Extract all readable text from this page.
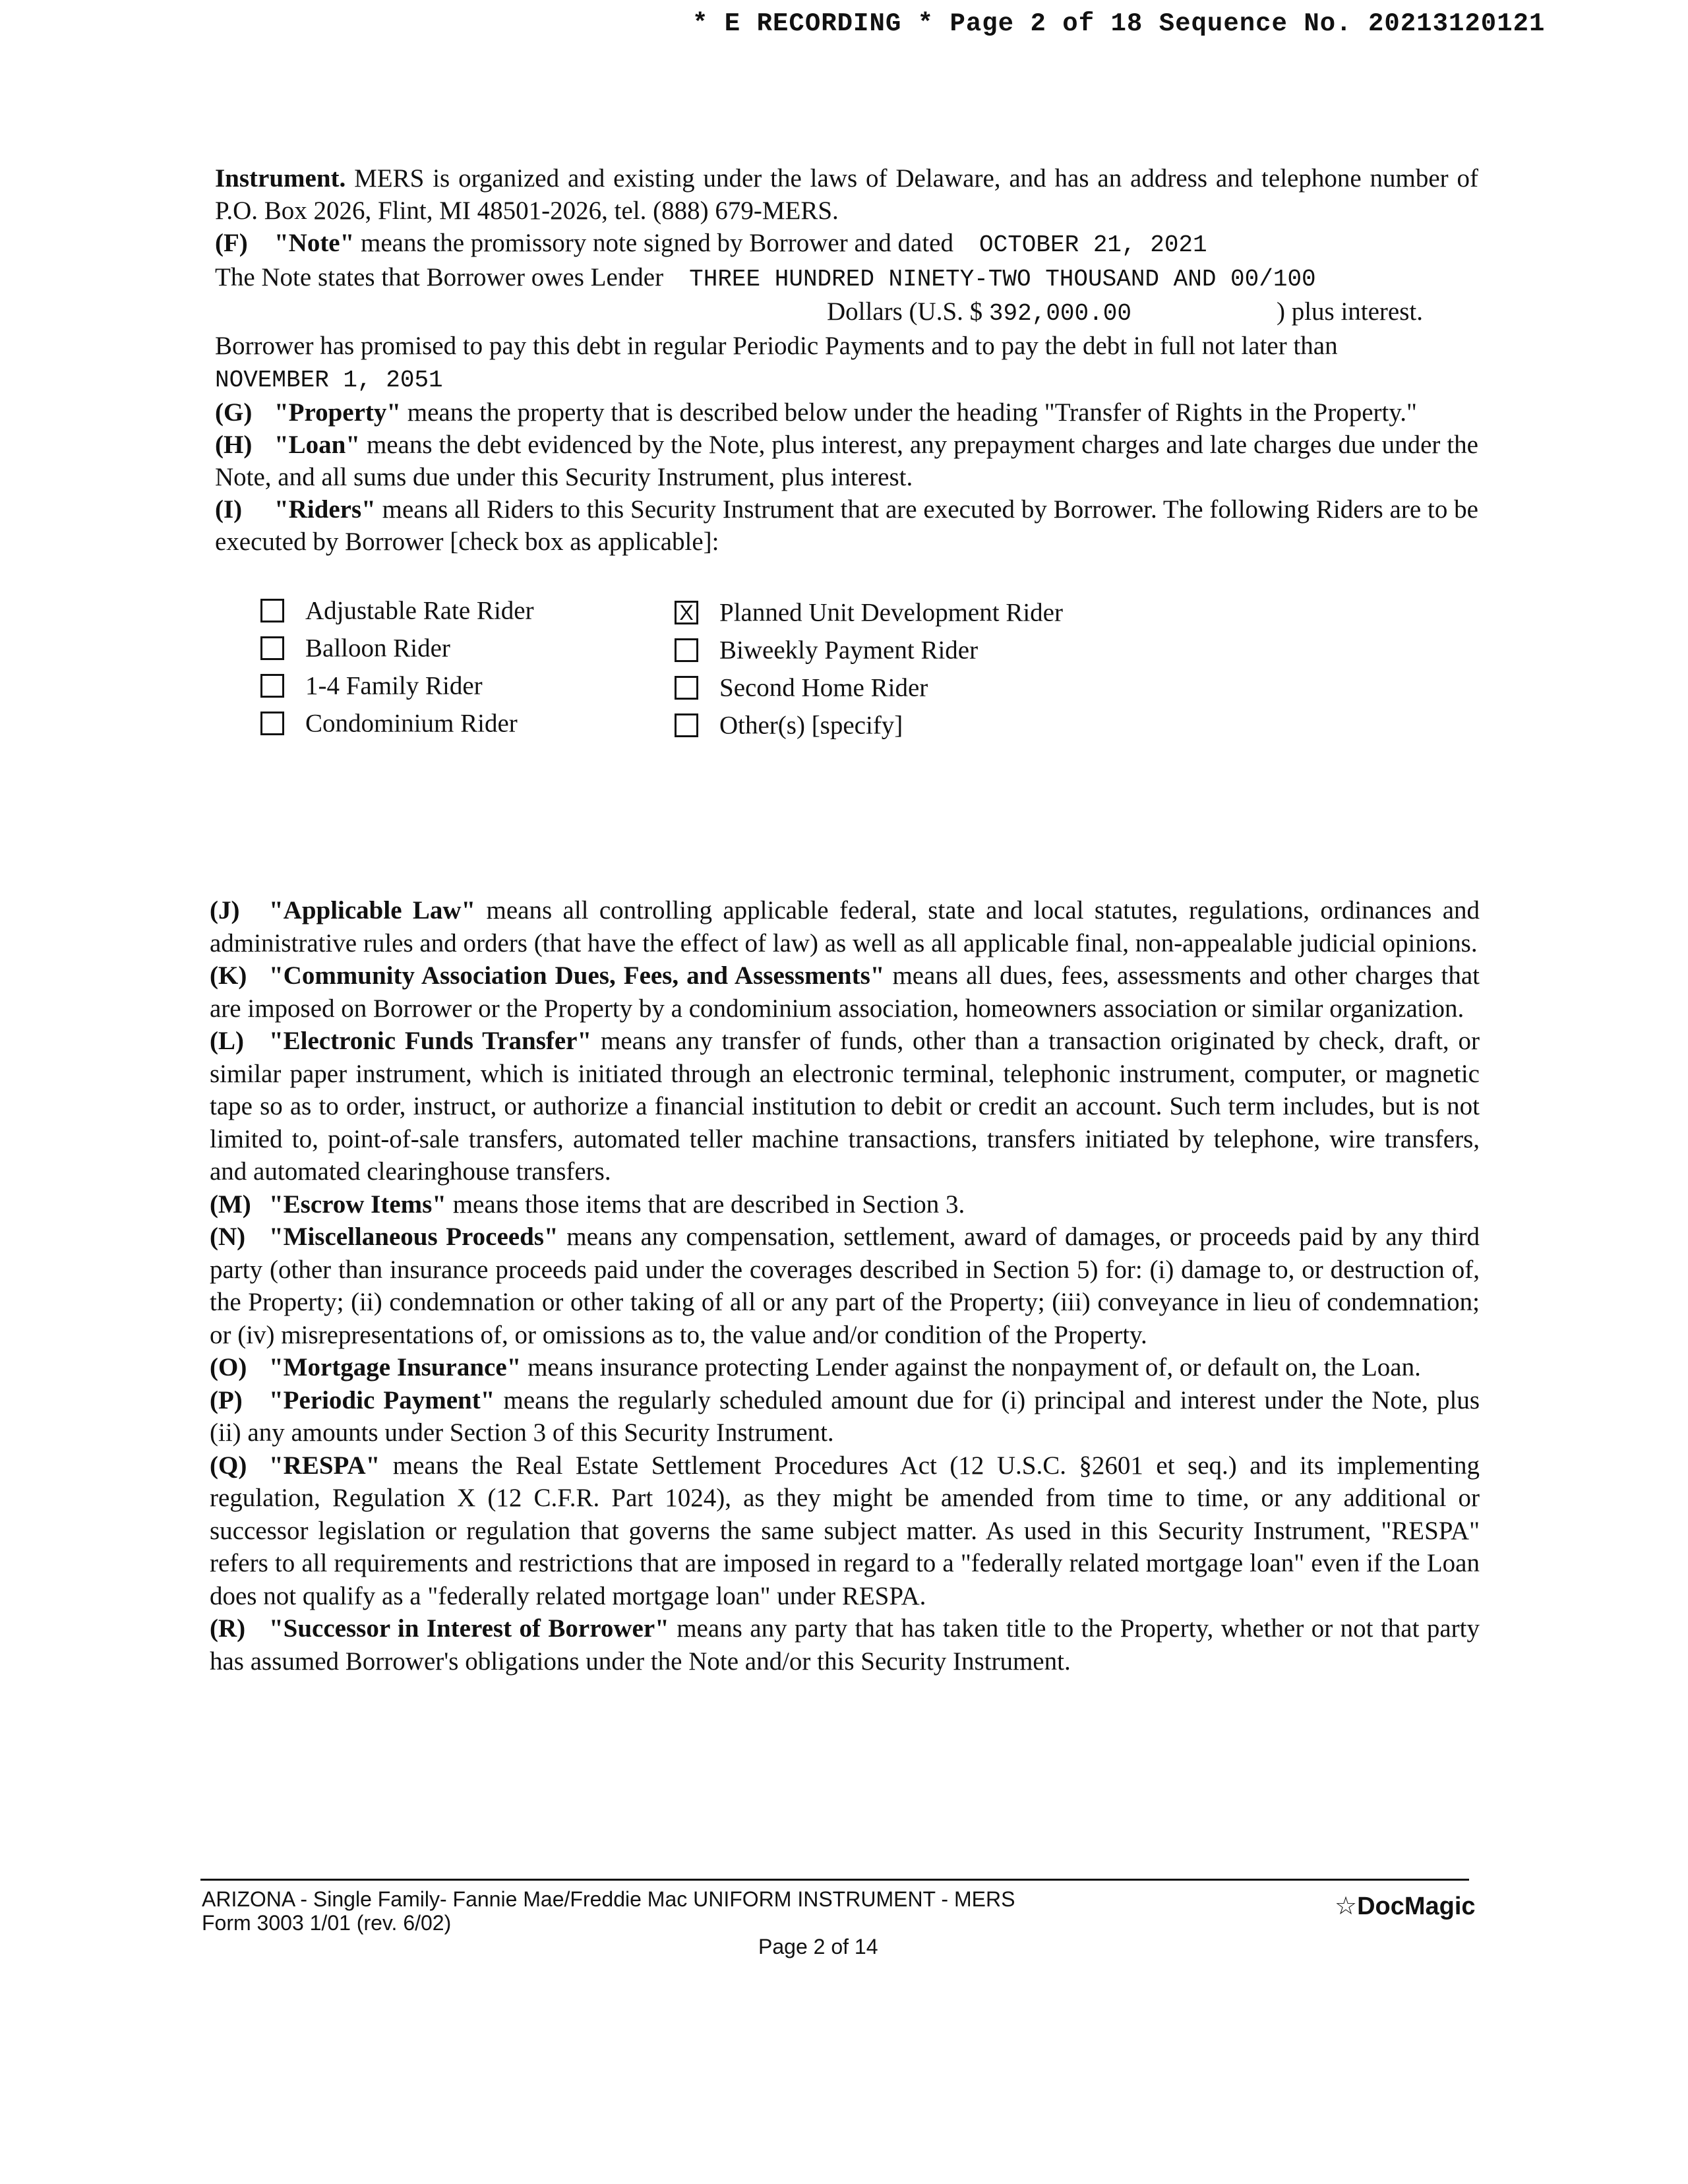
* E RECORDING * Page 2 of 18 Sequence No. 20213120121

Instrument. MERS is organized and existing under the laws of Delaware, and has an address and telephone number of P.O. Box 2026, Flint, MI 48501-2026, tel. (888) 679-MERS.

(F) "Note" means the promissory note signed by Borrower and dated    OCTOBER 21, 2021

The Note states that Borrower owes Lender    THREE HUNDRED NINETY-TWO THOUSAND AND 00/100

Dollars (U.S. $ 392,000.00	) plus interest.

Borrower has promised to pay this debt in regular Periodic Payments and to pay the debt in full not later than

NOVEMBER 1, 2051

(G) "Property" means the property that is described below under the heading "Transfer of Rights in the Property."

(H) "Loan" means the debt evidenced by the Note, plus interest, any prepayment charges and late charges due under the Note, and all sums due under this Security Instrument, plus interest.

(I) "Riders" means all Riders to this Security Instrument that are executed by Borrower. The following Riders are to be executed by Borrower [check box as applicable]:

Adjustable Rate Rider
Balloon Rider
1-4 Family Rider
Condominium Rider
X Planned Unit Development Rider
Biweekly Payment Rider
Second Home Rider
Other(s) [specify]

(J) "Applicable Law" means all controlling applicable federal, state and local statutes, regulations, ordinances and administrative rules and orders (that have the effect of law) as well as all applicable final, non-appealable judicial opinions.

(K) "Community Association Dues, Fees, and Assessments" means all dues, fees, assessments and other charges that are imposed on Borrower or the Property by a condominium association, homeowners association or similar organization.

(L) "Electronic Funds Transfer" means any transfer of funds, other than a transaction originated by check, draft, or similar paper instrument, which is initiated through an electronic terminal, telephonic instrument, computer, or magnetic tape so as to order, instruct, or authorize a financial institution to debit or credit an account. Such term includes, but is not limited to, point-of-sale transfers, automated teller machine transactions, transfers initiated by telephone, wire transfers, and automated clearinghouse transfers.

(M) "Escrow Items" means those items that are described in Section 3.

(N) "Miscellaneous Proceeds" means any compensation, settlement, award of damages, or proceeds paid by any third party (other than insurance proceeds paid under the coverages described in Section 5) for: (i) damage to, or destruction of, the Property; (ii) condemnation or other taking of all or any part of the Property; (iii) conveyance in lieu of condemnation; or (iv) misrepresentations of, or omissions as to, the value and/or condition of the Property.

(O) "Mortgage Insurance" means insurance protecting Lender against the nonpayment of, or default on, the Loan.

(P) "Periodic Payment" means the regularly scheduled amount due for (i) principal and interest under the Note, plus (ii) any amounts under Section 3 of this Security Instrument.

(Q) "RESPA" means the Real Estate Settlement Procedures Act (12 U.S.C. §2601 et seq.) and its implementing regulation, Regulation X (12 C.F.R. Part 1024), as they might be amended from time to time, or any additional or successor legislation or regulation that governs the same subject matter. As used in this Security Instrument, "RESPA" refers to all requirements and restrictions that are imposed in regard to a "federally related mortgage loan" even if the Loan does not qualify as a "federally related mortgage loan" under RESPA.

(R) "Successor in Interest of Borrower" means any party that has taken title to the Property, whether or not that party has assumed Borrower's obligations under the Note and/or this Security Instrument.

ARIZONA - Single Family- Fannie Mae/Freddie Mac UNIFORM INSTRUMENT - MERS
Form 3003 1/01 (rev. 6/02)
☆DocMagic
Page 2 of 14
